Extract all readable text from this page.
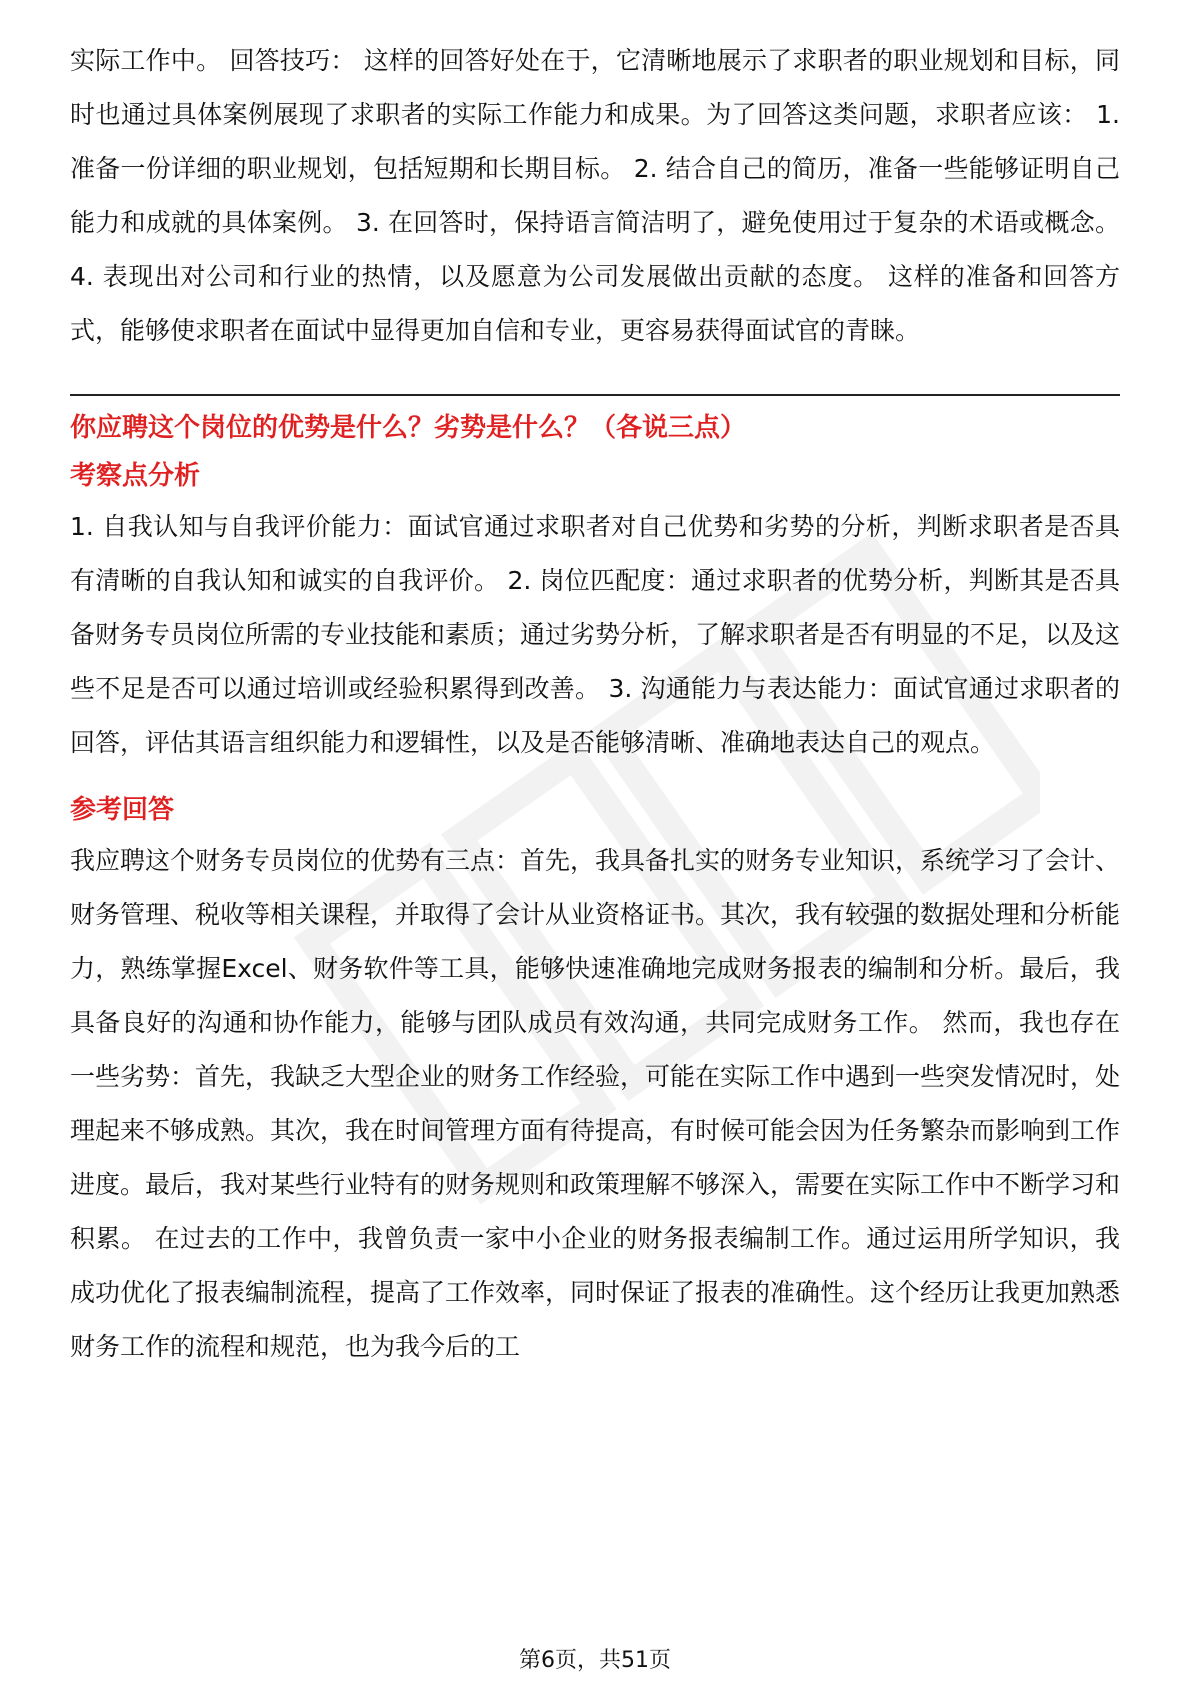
实际工作中。 回答技巧： 这样的回答好处在于，它清晰地展示了求职者的职业规划和目标，同时也通过具体案例展现了求职者的实际工作能力和成果。为了回答这类问题，求职者应该： 1. 准备一份详细的职业规划，包括短期和长期目标。 2. 结合自己的简历，准备一些能够证明自己能力和成就的具体案例。 3. 在回答时，保持语言简洁明了，避免使用过于复杂的术语或概念。 4. 表现出对公司和行业的热情，以及愿意为公司发展做出贡献的态度。 这样的准备和回答方式，能够使求职者在面试中显得更加自信和专业，更容易获得面试官的青睐。

你应聘这个岗位的优势是什么？劣势是什么？（各说三点）
考察点分析

1. 自我认知与自我评价能力：面试官通过求职者对自己优势和劣势的分析，判断求职者是否具有清晰的自我认知和诚实的自我评价。 2. 岗位匹配度：通过求职者的优势分析，判断其是否具备财务专员岗位所需的专业技能和素质；通过劣势分析，了解求职者是否有明显的不足，以及这些不足是否可以通过培训或经验积累得到改善。 3. 沟通能力与表达能力：面试官通过求职者的回答，评估其语言组织能力和逻辑性，以及是否能够清晰、准确地表达自己的观点。

参考回答

我应聘这个财务专员岗位的优势有三点：首先，我具备扎实的财务专业知识，系统学习了会计、财务管理、税收等相关课程，并取得了会计从业资格证书。其次，我有较强的数据处理和分析能力，熟练掌握Excel、财务软件等工具，能够快速准确地完成财务报表的编制和分析。最后，我具备良好的沟通和协作能力，能够与团队成员有效沟通，共同完成财务工作。 然而，我也存在一些劣势：首先，我缺乏大型企业的财务工作经验，可能在实际工作中遇到一些突发情况时，处理起来不够成熟。其次，我在时间管理方面有待提高，有时候可能会因为任务繁杂而影响到工作进度。最后，我对某些行业特有的财务规则和政策理解不够深入，需要在实际工作中不断学习和积累。 在过去的工作中，我曾负责一家中小企业的财务报表编制工作。通过运用所学知识，我成功优化了报表编制流程，提高了工作效率，同时保证了报表的准确性。这个经历让我更加熟悉财务工作的流程和规范，也为我今后的工

第6页，共51页
